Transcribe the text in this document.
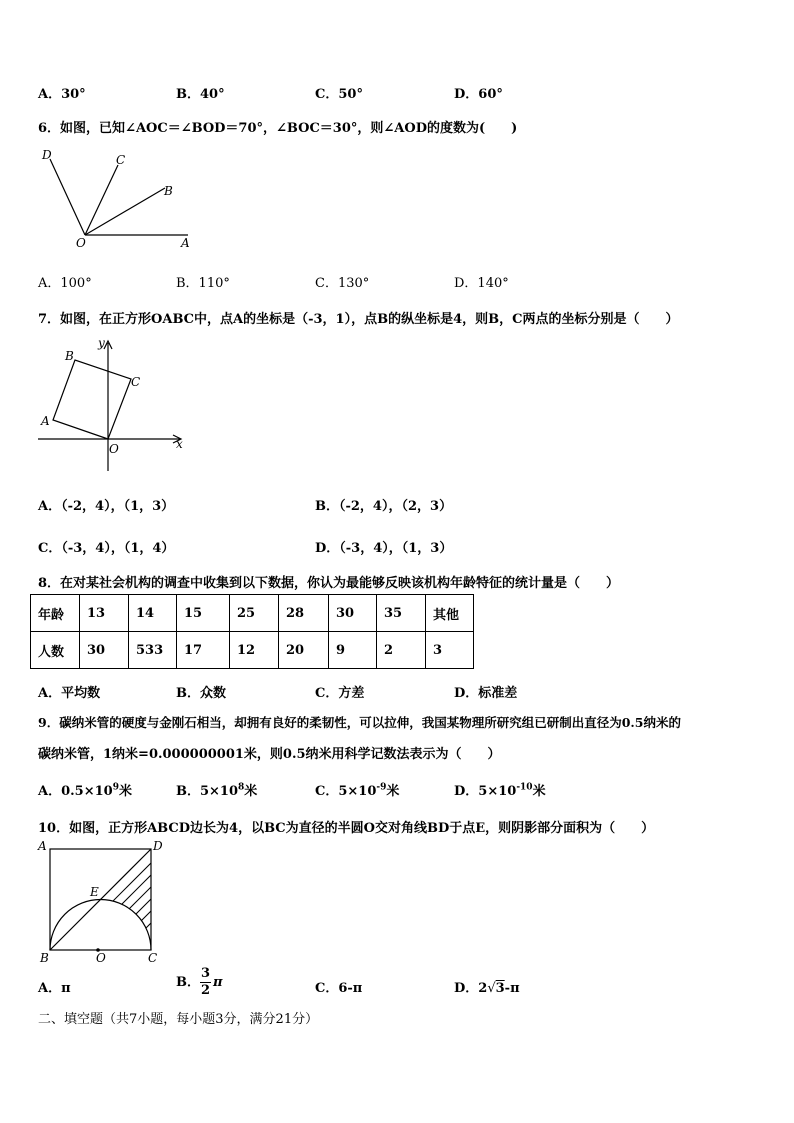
A．30°	B．40°	C．50°	D．60°
6．如图，已知∠AOC＝∠BOD＝70°，∠BOC＝30°，则∠AOD的度数为(　　)
D	C
B
O	A
A．100°	B．110°	C．130°	D．140°
7．如图，在正方形OABC中，点A的坐标是（-3，1），点B的纵坐标是4，则B，C两点的坐标分别是（　　）
B
y
C
A
O	x
A．（-2，4），（1，3）	B．（-2，4），（2，3）
C．（-3，4），（1，4）	D．（-3，4），（1，3）
8．在对某社会机构的调查中收集到以下数据，你认为最能够反映该机构年龄特征的统计量是（　　）
年龄	13	14	15	25	28	30	35	其他
人数	30	533	17	12	20	9	2	3
A．平均数	B．众数	C．方差	D．标准差
9．碳纳米管的硬度与金刚石相当，却拥有良好的柔韧性，可以拉伸，我国某物理所研究组已研制出直径为0.5纳米的
碳纳米管，1纳米=0.000000001米，则0.5纳米用科学记数法表示为（　　）
A．$0.5\times 10^9$米	B．$5\times 10^8$米	C．$5\times 10^{-9}$米	D．$5\times 10^{-10}$米
10．如图，正方形ABCD边长为4，以BC为直径的半圆O交对角线BD于点E，则阴影部分面积为（　　）
A	D
E
B	O	C
A．π	B． $\frac{3}{2}$ π	C．6-π	D．2√3-π
二、填空题（共7小题，每小题3分，满分21分）
